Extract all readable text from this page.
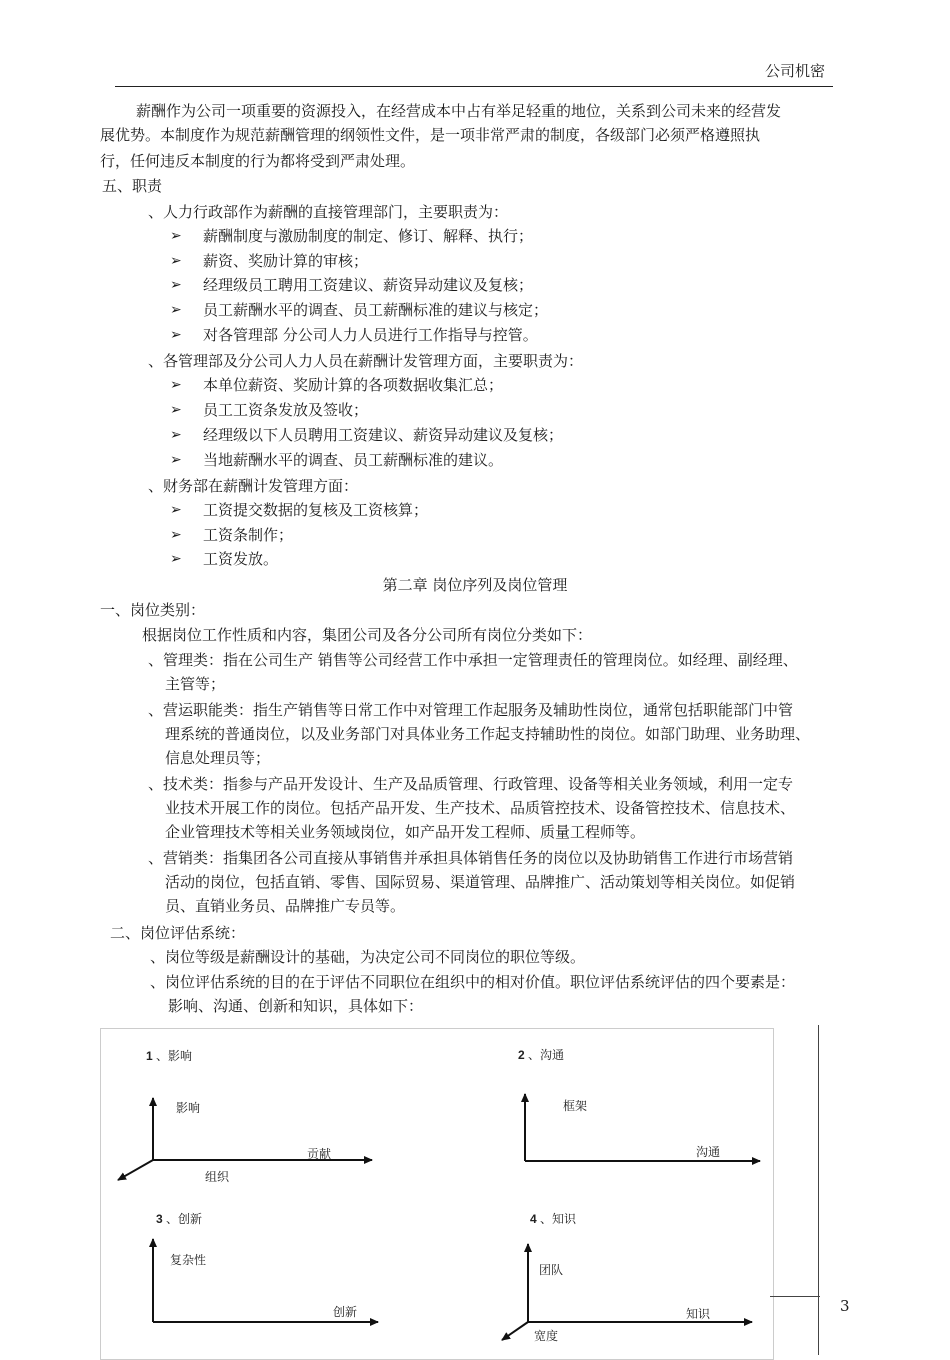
公司机密
薪酬作为公司一项重要的资源投入，在经营成本中占有举足轻重的地位，关系到公司未来的经营发
展优势。本制度作为规范薪酬管理的纲领性文件，是一项非常严肃的制度，各级部门必须严格遵照执
行，任何违反本制度的行为都将受到严肃处理。
五、职责
、人力行政部作为薪酬的直接管理部门，主要职责为：
➢ 薪酬制度与激励制度的制定、修订、解释、执行；
➢ 薪资、奖励计算的审核；
➢ 经理级员工聘用工资建议、薪资异动建议及复核；
➢ 员工薪酬水平的调查、员工薪酬标准的建议与核定；
➢ 对各管理部 分公司人力人员进行工作指导与控管。
、各管理部及分公司人力人员在薪酬计发管理方面，主要职责为：
➢ 本单位薪资、奖励计算的各项数据收集汇总；
➢ 员工工资条发放及签收；
➢ 经理级以下人员聘用工资建议、薪资异动建议及复核；
➢ 当地薪酬水平的调查、员工薪酬标准的建议。
、财务部在薪酬计发管理方面：
➢ 工资提交数据的复核及工资核算；
➢ 工资条制作；
➢ 工资发放。
第二章 岗位序列及岗位管理
一、岗位类别：
根据岗位工作性质和内容，集团公司及各分公司所有岗位分类如下：
、管理类：指在公司生产 销售等公司经营工作中承担一定管理责任的管理岗位。如经理、副经理、
主管等；
、营运职能类：指生产销售等日常工作中对管理工作起服务及辅助性岗位，通常包括职能部门中管
理系统的普通岗位，以及业务部门对具体业务工作起支持辅助性的岗位。如部门助理、业务助理、
信息处理员等；
、技术类：指参与产品开发设计、生产及品质管理、行政管理、设备等相关业务领域，利用一定专
业技术开展工作的岗位。包括产品开发、生产技术、品质管控技术、设备管控技术、信息技术、
企业管理技术等相关业务领域岗位，如产品开发工程师、质量工程师等。
、营销类：指集团各公司直接从事销售并承担具体销售任务的岗位以及协助销售工作进行市场营销
活动的岗位，包括直销、零售、国际贸易、渠道管理、品牌推广、活动策划等相关岗位。如促销
员、直销业务员、品牌推广专员等。
二、岗位评估系统：
、岗位等级是薪酬设计的基础，为决定公司不同岗位的职位等级。
、岗位评估系统的目的在于评估不同职位在组织中的相对价值。职位评估系统评估的四个要素是：
影响、沟通、创新和知识，具体如下：
1 、影响
影响
贡献
组织
2 、沟通
框架
沟通
3 、创新
复杂性
创新
4 、知识
团队
知识
宽度
3
